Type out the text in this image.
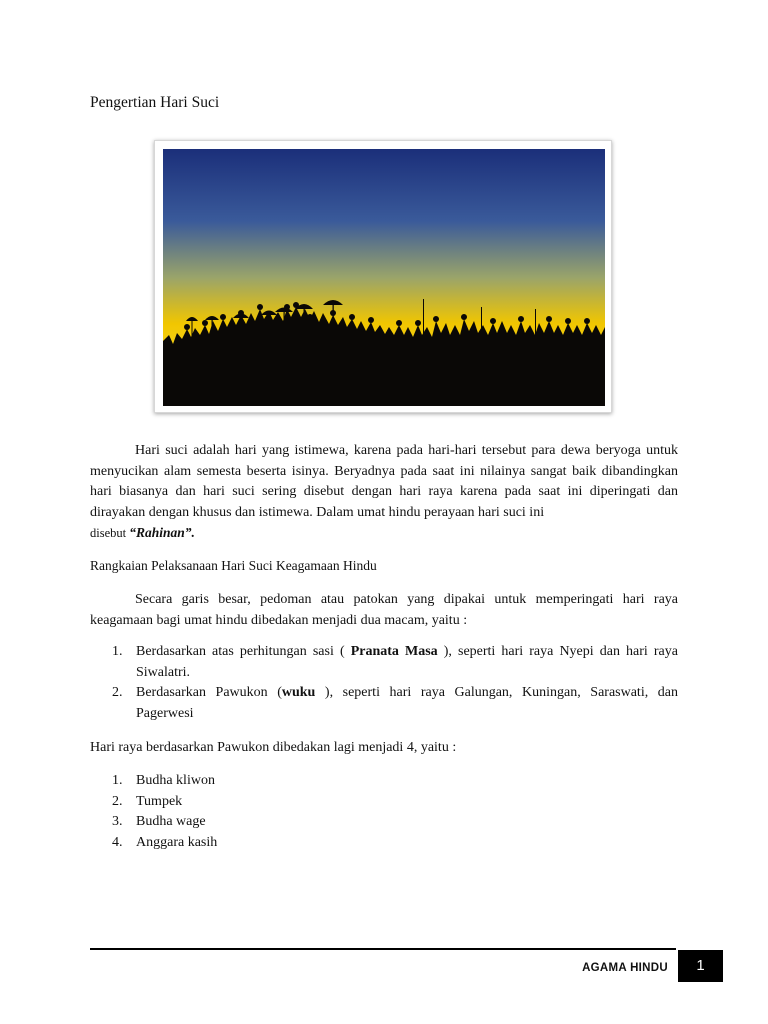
Pengertian Hari Suci

Hari suci adalah hari yang istimewa, karena pada hari-hari tersebut para dewa beryoga untuk menyucikan alam semesta beserta isinya. Beryadnya pada saat ini nilainya sangat baik dibandingkan hari biasanya dan hari suci sering disebut dengan hari raya karena pada saat ini diperingati dan dirayakan dengan khusus dan istimewa. Dalam umat hindu perayaan hari suci ini
disebut “Rahinan”.

Rangkaian Pelaksanaan Hari Suci Keagamaan Hindu

Secara garis besar, pedoman atau patokan yang dipakai untuk memperingati hari raya keagamaan bagi umat hindu dibedakan menjadi dua macam, yaitu :

1. Berdasarkan atas perhitungan sasi ( Pranata Masa ), seperti hari raya Nyepi dan hari raya Siwalatri.
2. Berdasarkan Pawukon (wuku ), seperti hari raya Galungan, Kuningan, Saraswati, dan Pagerwesi

Hari raya berdasarkan Pawukon dibedakan lagi menjadi 4, yaitu :

1. Budha kliwon
2. Tumpek
3. Budha wage
4. Anggara kasih
AGAMA HINDU	1
